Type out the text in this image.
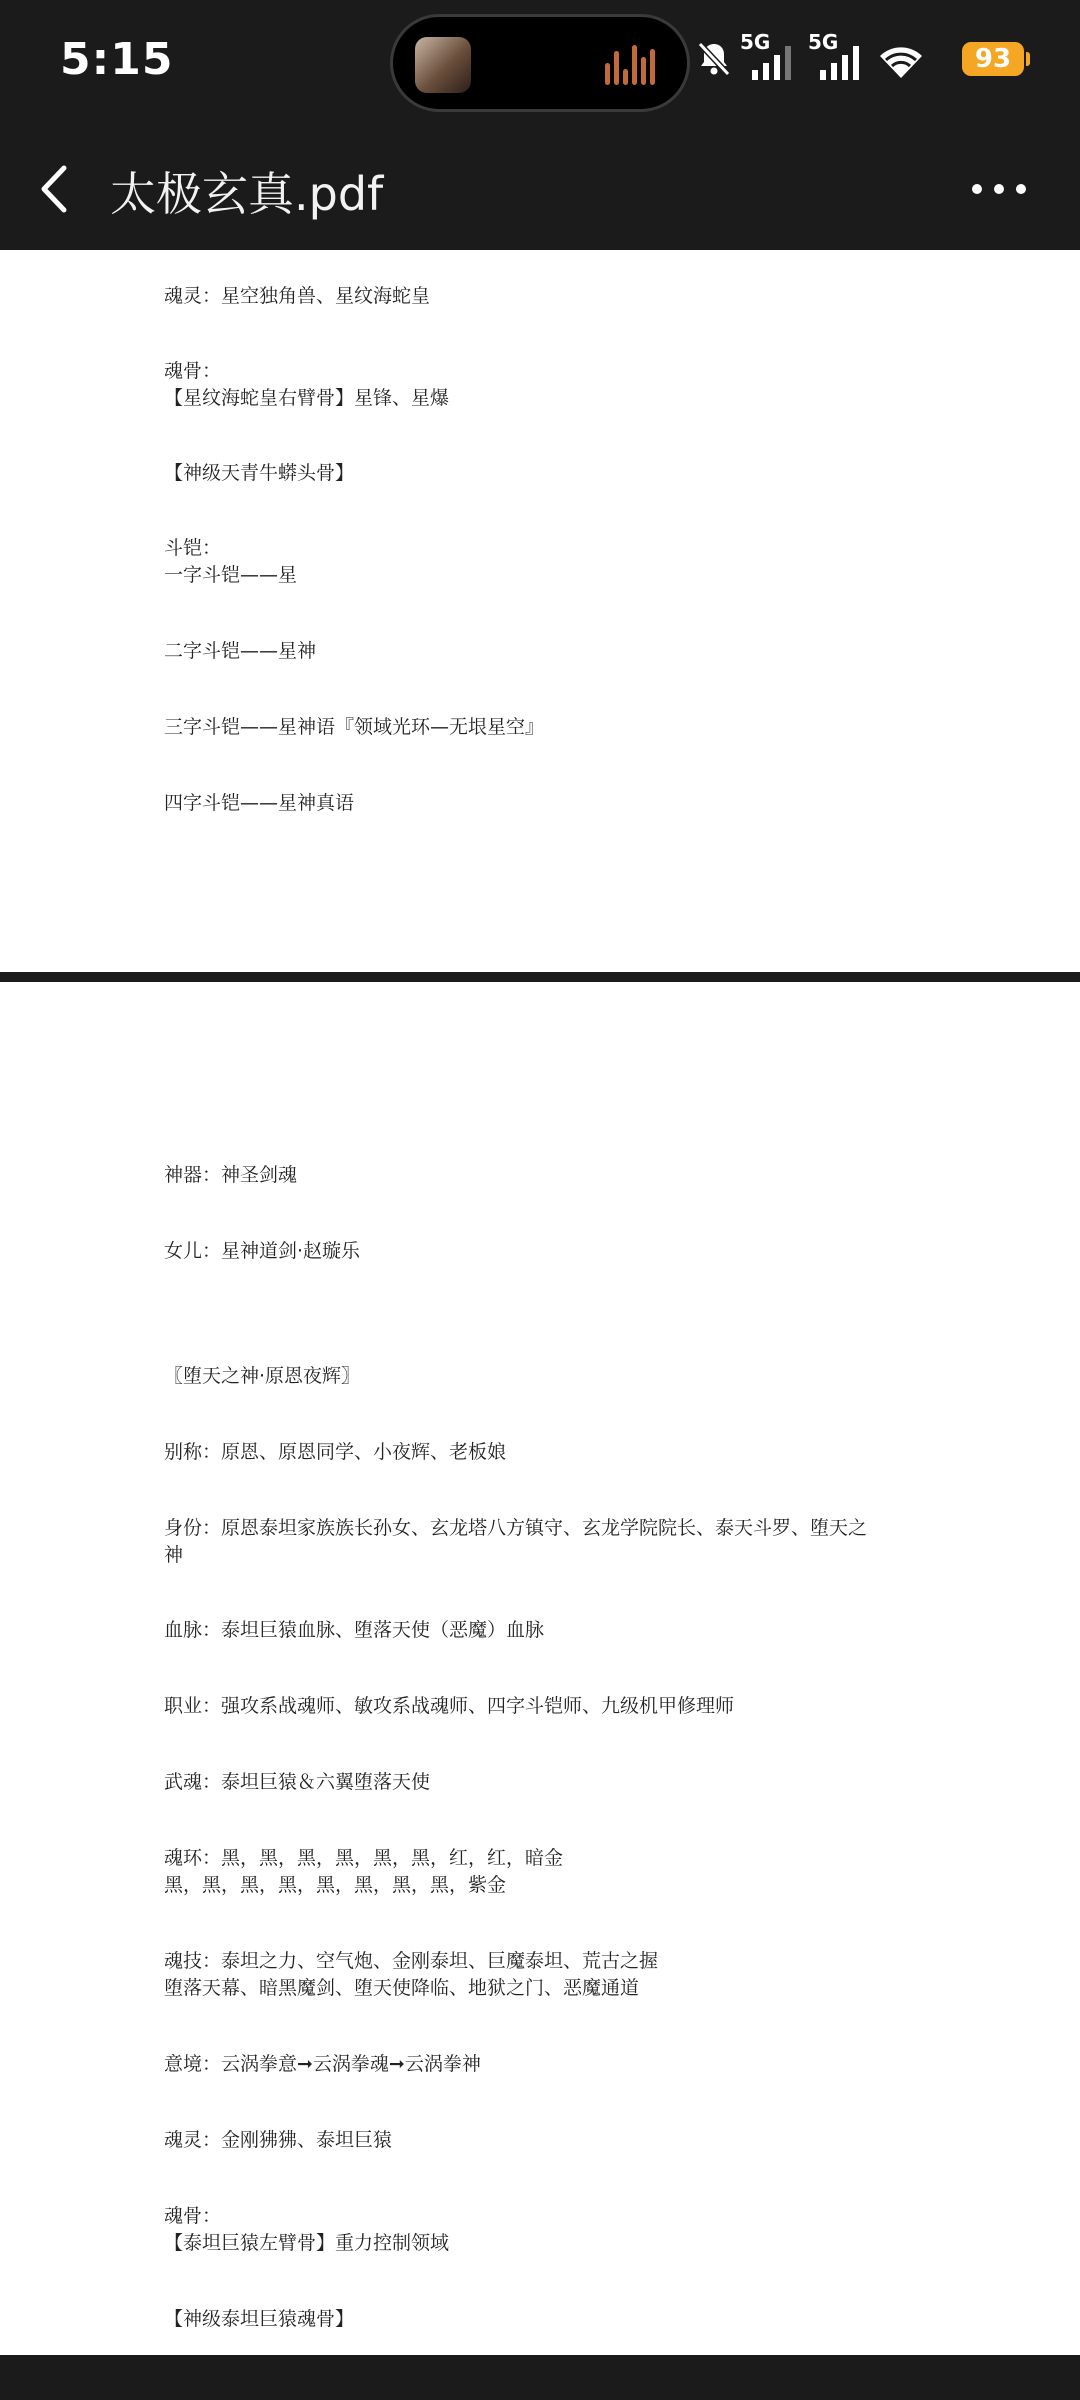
5:15	5G 5G
93
太极玄真.pdf
魂灵：星空独角兽、星纹海蛇皇
魂骨：
【星纹海蛇皇右臂骨】星锋、星爆
【神级天青牛蟒头骨】
斗铠：
一字斗铠——星
二字斗铠——星神
三字斗铠——星神语『领域光环—无垠星空』
四字斗铠——星神真语
神器：神圣剑魂
女儿：星神道剑·赵璇乐
〖堕天之神·原恩夜辉〗
别称：原恩、原恩同学、小夜辉、老板娘
身份：原恩泰坦家族族长孙女、玄龙塔八方镇守、玄龙学院院长、泰天斗罗、堕天之
神
血脉：泰坦巨猿血脉、堕落天使（恶魔）血脉
职业：强攻系战魂师、敏攻系战魂师、四字斗铠师、九级机甲修理师
武魂：泰坦巨猿＆六翼堕落天使
魂环：黑，黑，黑，黑，黑，黑，红，红，暗金
黑，黑，黑，黑，黑，黑，黑，黑，紫金
魂技：泰坦之力、空气炮、金刚泰坦、巨魔泰坦、荒古之握
堕落天幕、暗黑魔剑、堕天使降临、地狱之门、恶魔通道
意境：云涡拳意➞云涡拳魂➞云涡拳神
魂灵：金刚狒狒、泰坦巨猿
魂骨：
【泰坦巨猿左臂骨】重力控制领域
【神级泰坦巨猿魂骨】
